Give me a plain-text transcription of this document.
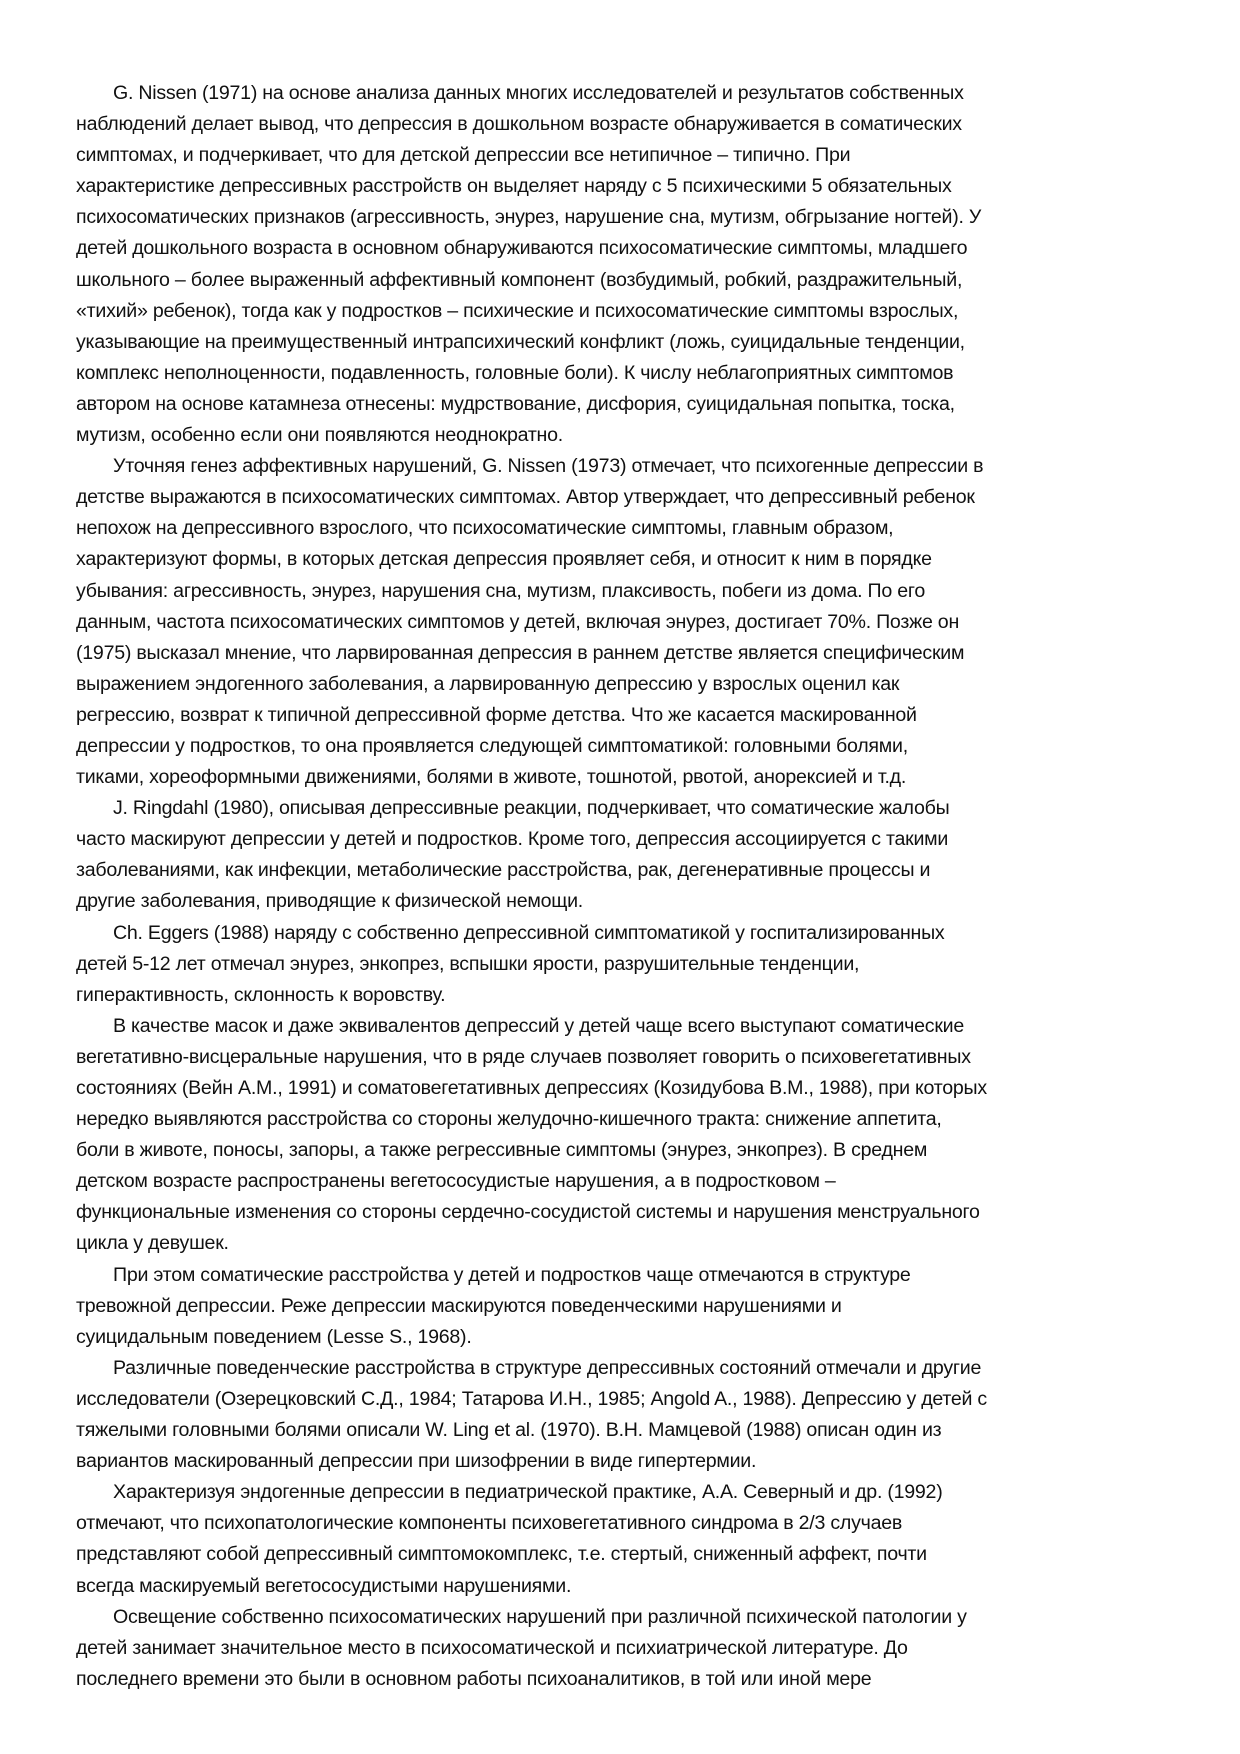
G. Nissen (1971) на основе анализа данных многих исследователей и результатов собственных
наблюдений делает вывод, что депрессия в дошкольном возрасте обнаруживается в соматических
симптомах, и подчеркивает, что для детской депрессии все нетипичное – типично. При
характеристике депрессивных расстройств он выделяет наряду с 5 психическими 5 обязательных
психосоматических признаков (агрессивность, энурез, нарушение сна, мутизм, обгрызание ногтей). У
детей дошкольного возраста в основном обнаруживаются психосоматические симптомы, младшего
школьного – более выраженный аффективный компонент (возбудимый, робкий, раздражительный,
«тихий» ребенок), тогда как у подростков – психические и психосоматические симптомы взрослых,
указывающие на преимущественный интрапсихический конфликт (ложь, суицидальные тенденции,
комплекс неполноценности, подавленность, головные боли). К числу неблагоприятных симптомов
автором на основе катамнеза отнесены: мудрствование, дисфория, суицидальная попытка, тоска,
мутизм, особенно если они появляются неоднократно.
Уточняя генез аффективных нарушений, G. Nissen (1973) отмечает, что психогенные депрессии в
детстве выражаются в психосоматических симптомах. Автор утверждает, что депрессивный ребенок
непохож на депрессивного взрослого, что психосоматические симптомы, главным образом,
характеризуют формы, в которых детская депрессия проявляет себя, и относит к ним в порядке
убывания: агрессивность, энурез, нарушения сна, мутизм, плаксивость, побеги из дома. По его
данным, частота психосоматических симптомов у детей, включая энурез, достигает 70%. Позже он
(1975) высказал мнение, что ларвированная депрессия в раннем детстве является специфическим
выражением эндогенного заболевания, а ларвированную депрессию у взрослых оценил как
регрессию, возврат к типичной депрессивной форме детства. Что же касается маскированной
депрессии у подростков, то она проявляется следующей симптоматикой: головными болями,
тиками, хореоформными движениями, болями в животе, тошнотой, рвотой, анорексией и т.д.
J. Ringdahl (1980), описывая депрессивные реакции, подчеркивает, что соматические жалобы
часто маскируют депрессии у детей и подростков. Кроме того, депрессия ассоциируется с такими
заболеваниями, как инфекции, метаболические расстройства, рак, дегенеративные процессы и
другие заболевания, приводящие к физической немощи.
Ch. Eggers (1988) наряду с собственно депрессивной симптоматикой у госпитализированных
детей 5-12 лет отмечал энурез, энкопрез, вспышки ярости, разрушительные тенденции,
гиперактивность, склонность к воровству.
В качестве масок и даже эквивалентов депрессий у детей чаще всего выступают соматические
вегетативно-висцеральные нарушения, что в ряде случаев позволяет говорить о психовегетативных
состояниях (Вейн А.М., 1991) и соматовегетативных депрессиях (Козидубова В.М., 1988), при которых
нередко выявляются расстройства со стороны желудочно-кишечного тракта: снижение аппетита,
боли в животе, поносы, запоры, а также регрессивные симптомы (энурез, энкопрез). В среднем
детском возрасте распространены вегетососудистые нарушения, а в подростковом –
функциональные изменения со стороны сердечно-сосудистой системы и нарушения менструального
цикла у девушек.
При этом соматические расстройства у детей и подростков чаще отмечаются в структуре
тревожной депрессии. Реже депрессии маскируются поведенческими нарушениями и
суицидальным поведением (Lesse S., 1968).
Различные поведенческие расстройства в структуре депрессивных состояний отмечали и другие
исследователи (Озерецковский С.Д., 1984; Татарова И.Н., 1985; Angold A., 1988). Депрессию у детей с
тяжелыми головными болями описали W. Ling et al. (1970). В.Н. Мамцевой (1988) описан один из
вариантов маскированный депрессии при шизофрении в виде гипертермии.
Характеризуя эндогенные депрессии в педиатрической практике, А.А. Северный и др. (1992)
отмечают, что психопатологические компоненты психовегетативного синдрома в 2/3 случаев
представляют собой депрессивный симптомокомплекс, т.е. стертый, сниженный аффект, почти
всегда маскируемый вегетососудистыми нарушениями.
Освещение собственно психосоматических нарушений при различной психической патологии у
детей занимает значительное место в психосоматической и психиатрической литературе. До
последнего времени это были в основном работы психоаналитиков, в той или иной мере
